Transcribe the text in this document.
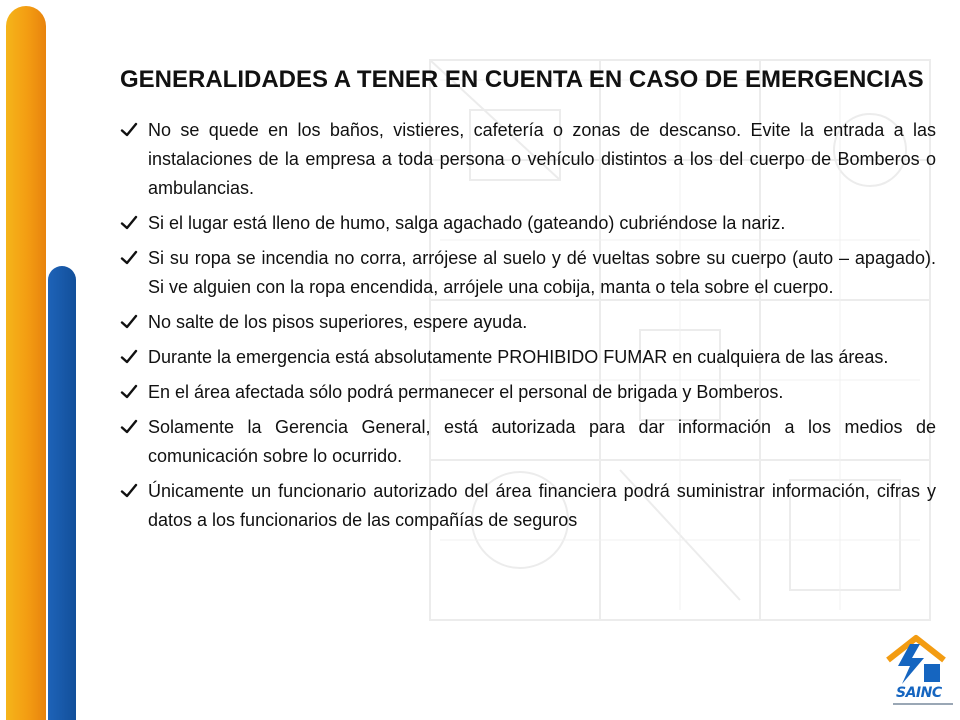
GENERALIDADES A TENER EN CUENTA EN CASO DE EMERGENCIAS
No se quede en los baños, vistieres, cafetería o zonas de descanso. Evite la entrada a las instalaciones de la empresa a toda persona o vehículo distintos a los del cuerpo de Bomberos o ambulancias.
Si el lugar está lleno de humo, salga agachado (gateando) cubriéndose la nariz.
Si su ropa se incendia no corra, arrójese al suelo y dé vueltas sobre su cuerpo (auto – apagado). Si ve alguien con la ropa encendida, arrójele una cobija, manta o tela sobre el cuerpo.
No salte de los pisos superiores, espere ayuda.
Durante la emergencia está absolutamente PROHIBIDO FUMAR en cualquiera de las áreas.
En el área afectada sólo podrá permanecer el personal de brigada y Bomberos.
Solamente la Gerencia General, está autorizada para dar información a los medios de comunicación sobre lo ocurrido.
Únicamente un funcionario autorizado del área financiera podrá suministrar información, cifras y datos a los funcionarios de las compañías de seguros
SAINC
